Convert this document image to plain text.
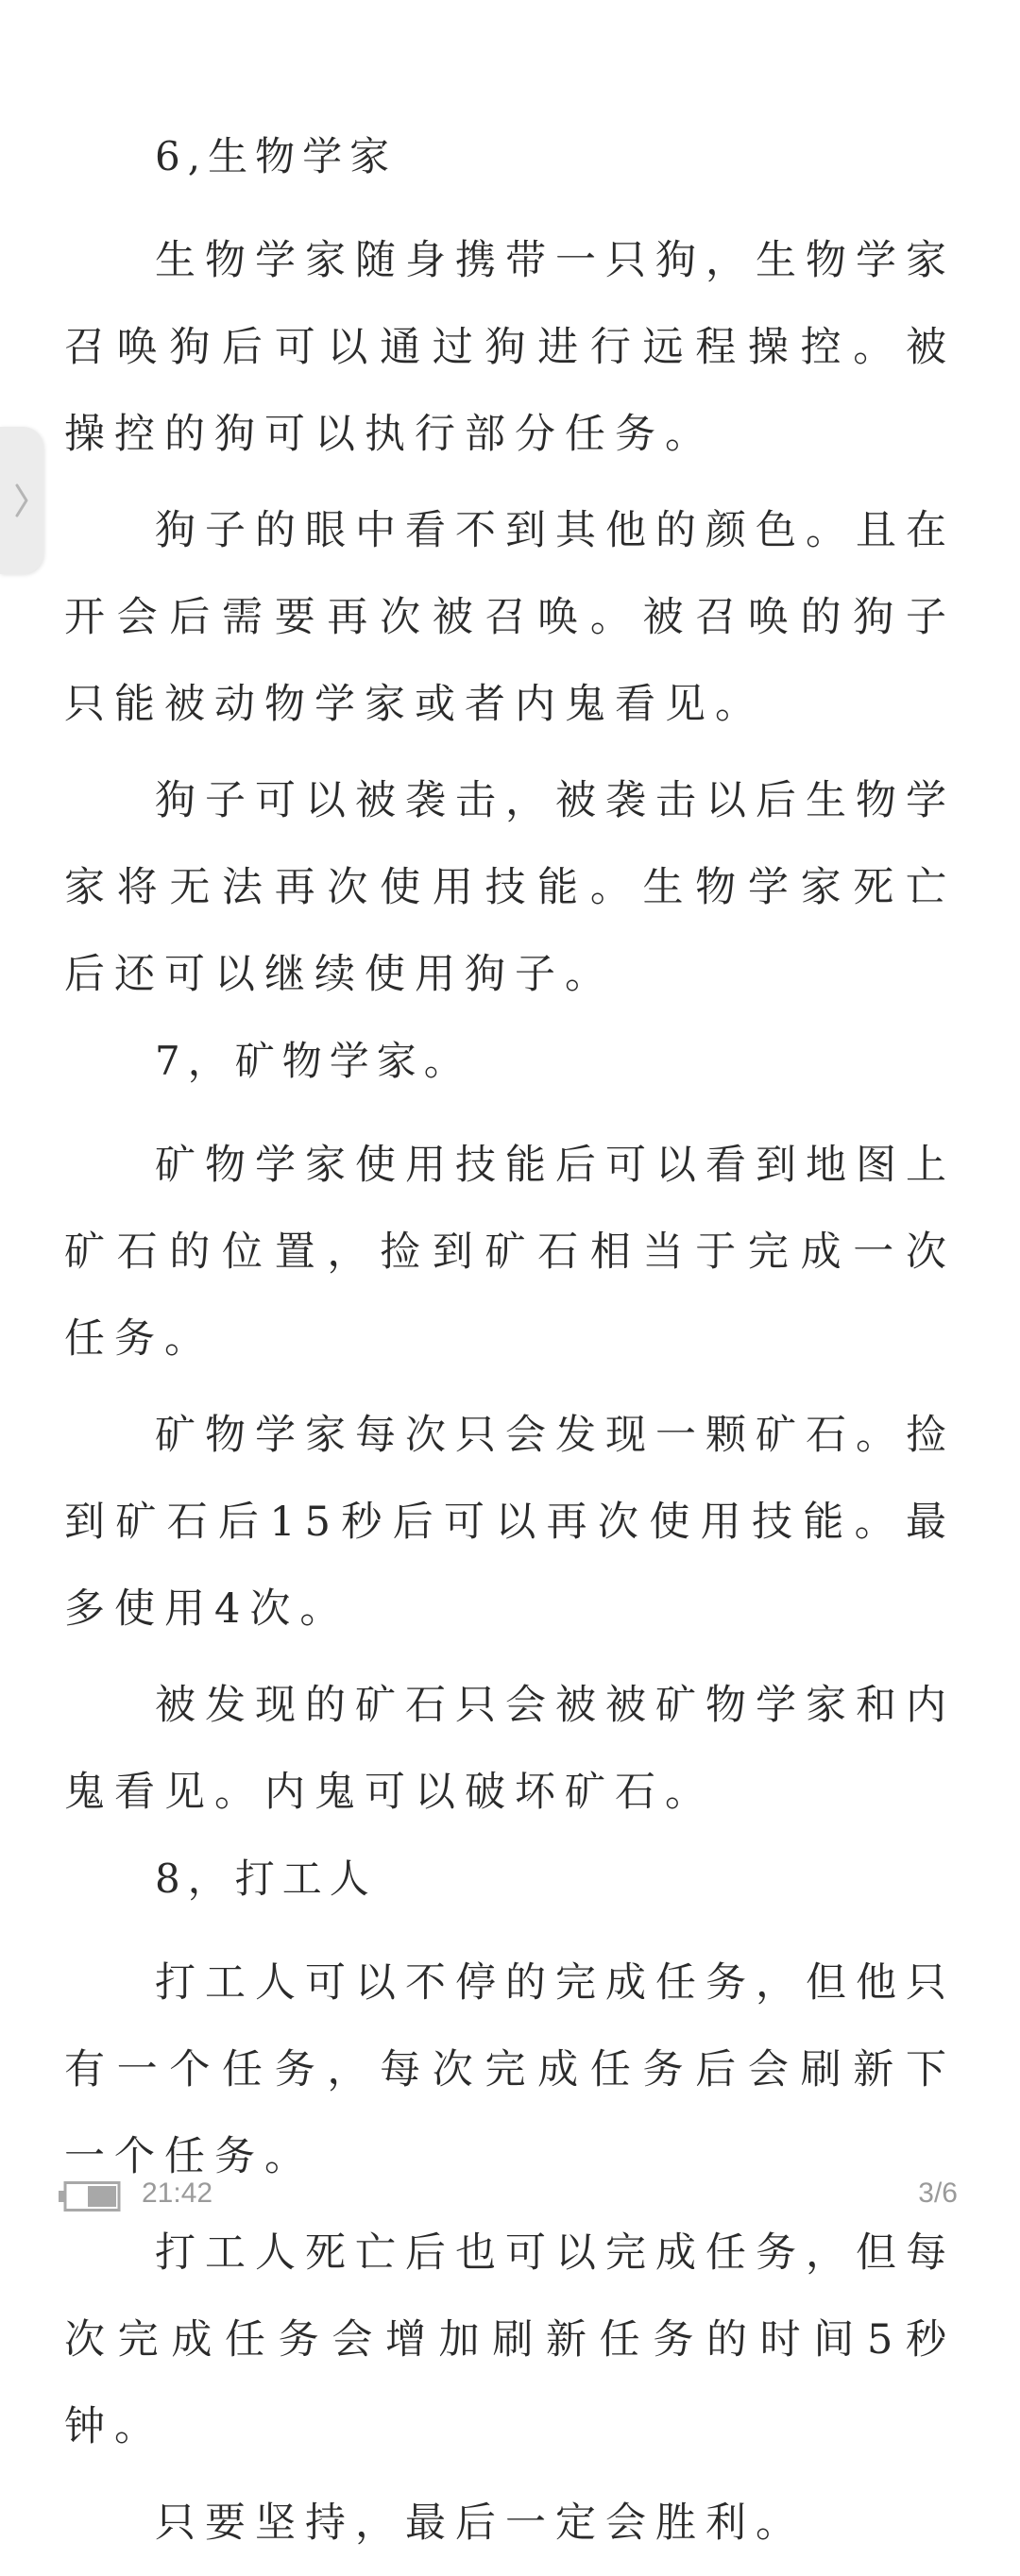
6,生物学家

生物学家随身携带一只狗，生物学家召唤狗后可以通过狗进行远程操控。被操控的狗可以执行部分任务。

狗子的眼中看不到其他的颜色。且在开会后需要再次被召唤。被召唤的狗子只能被动物学家或者内鬼看见。

狗子可以被袭击，被袭击以后生物学家将无法再次使用技能。生物学家死亡后还可以继续使用狗子。

7，矿物学家。

矿物学家使用技能后可以看到地图上矿石的位置，捡到矿石相当于完成一次任务。

矿物学家每次只会发现一颗矿石。捡到矿石后15秒后可以再次使用技能。最多使用4次。

被发现的矿石只会被被矿物学家和内鬼看见。内鬼可以破坏矿石。

8，打工人

打工人可以不停的完成任务，但他只有一个任务，每次完成任务后会刷新下一个任务。

打工人死亡后也可以完成任务，但每次完成任务会增加刷新任务的时间5秒钟。

只要坚持，最后一定会胜利。

21:42	3/6
